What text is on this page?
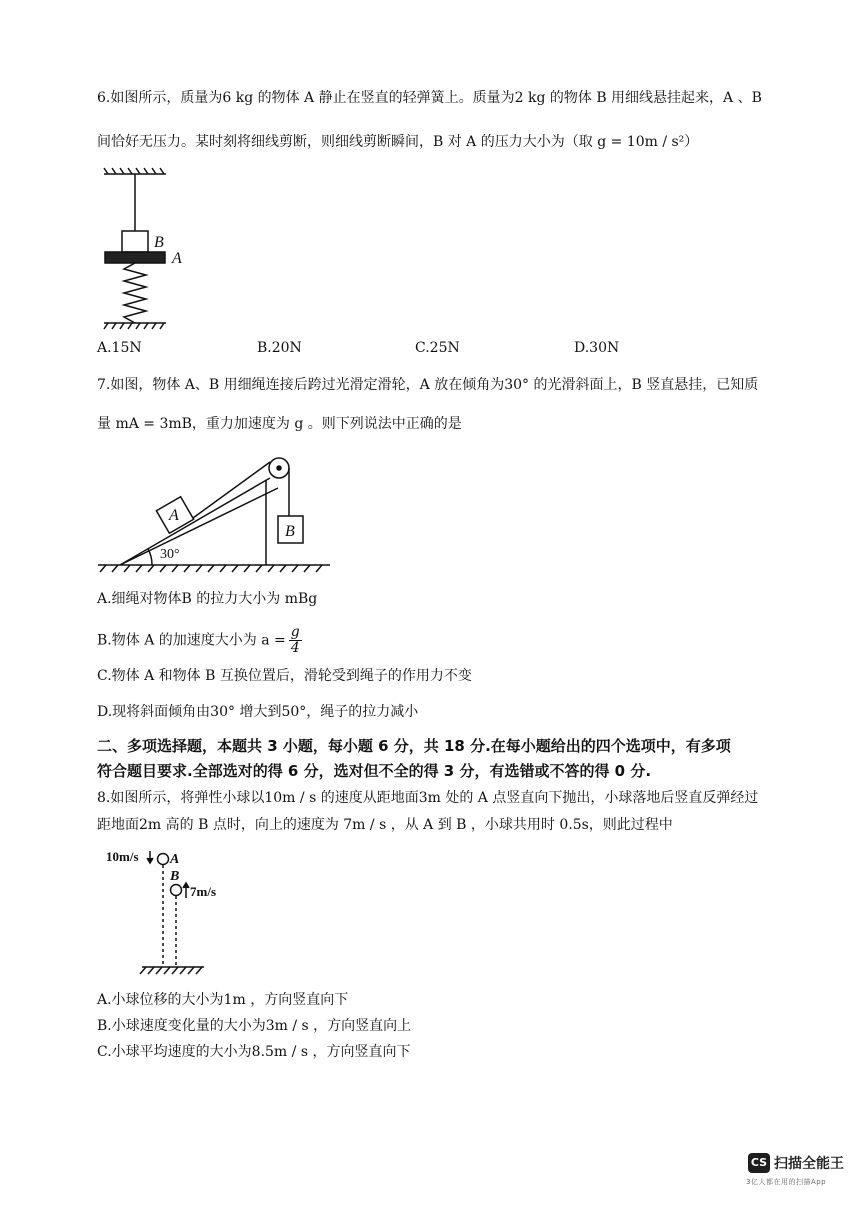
6.如图所示，质量为6 kg 的物体 A 静止在竖直的轻弹簧上。质量为2 kg 的物体 B 用细线悬挂起来，A 、B
间恰好无压力。某时刻将细线剪断，则细线剪断瞬间，B 对 A 的压力大小为（取 g = 10m / s²）
B
A
A.15N	B.20N	C.25N	D.30N
7.如图，物体 A、B 用细绳连接后跨过光滑定滑轮，A 放在倾角为30° 的光滑斜面上，B 竖直悬挂，已知质
量 mA = 3mB，重力加速度为 g 。则下列说法中正确的是
A
B
30°
A.细绳对物体B 的拉力大小为 mBg
B.物体 A 的加速度大小为 $a = \frac{g}{4}$
C.物体 A 和物体 B 互换位置后，滑轮受到绳子的作用力不变
D.现将斜面倾角由30° 增大到50°，绳子的拉力减小
二、多项选择题，本题共 3 小题，每小题 6 分，共 18 分.在每小题给出的四个选项中，有多项
符合题目要求.全部选对的得 6 分，选对但不全的得 3 分，有选错或不答的得 0 分.
8.如图所示，将弹性小球以10m / s 的速度从距地面3m 处的 A 点竖直向下抛出，小球落地后竖直反弹经过
距地面2m 高的 B 点时，向上的速度为 7m / s ，从 A 到 B ，小球共用时 0.5s，则此过程中
10m/s A
B
7m/s
A.小球位移的大小为1m ，方向竖直向下
B.小球速度变化量的大小为3m / s ，方向竖直向上
C.小球平均速度的大小为8.5m / s ，方向竖直向下
CS 扫描全能王
3亿人都在用的扫描App
